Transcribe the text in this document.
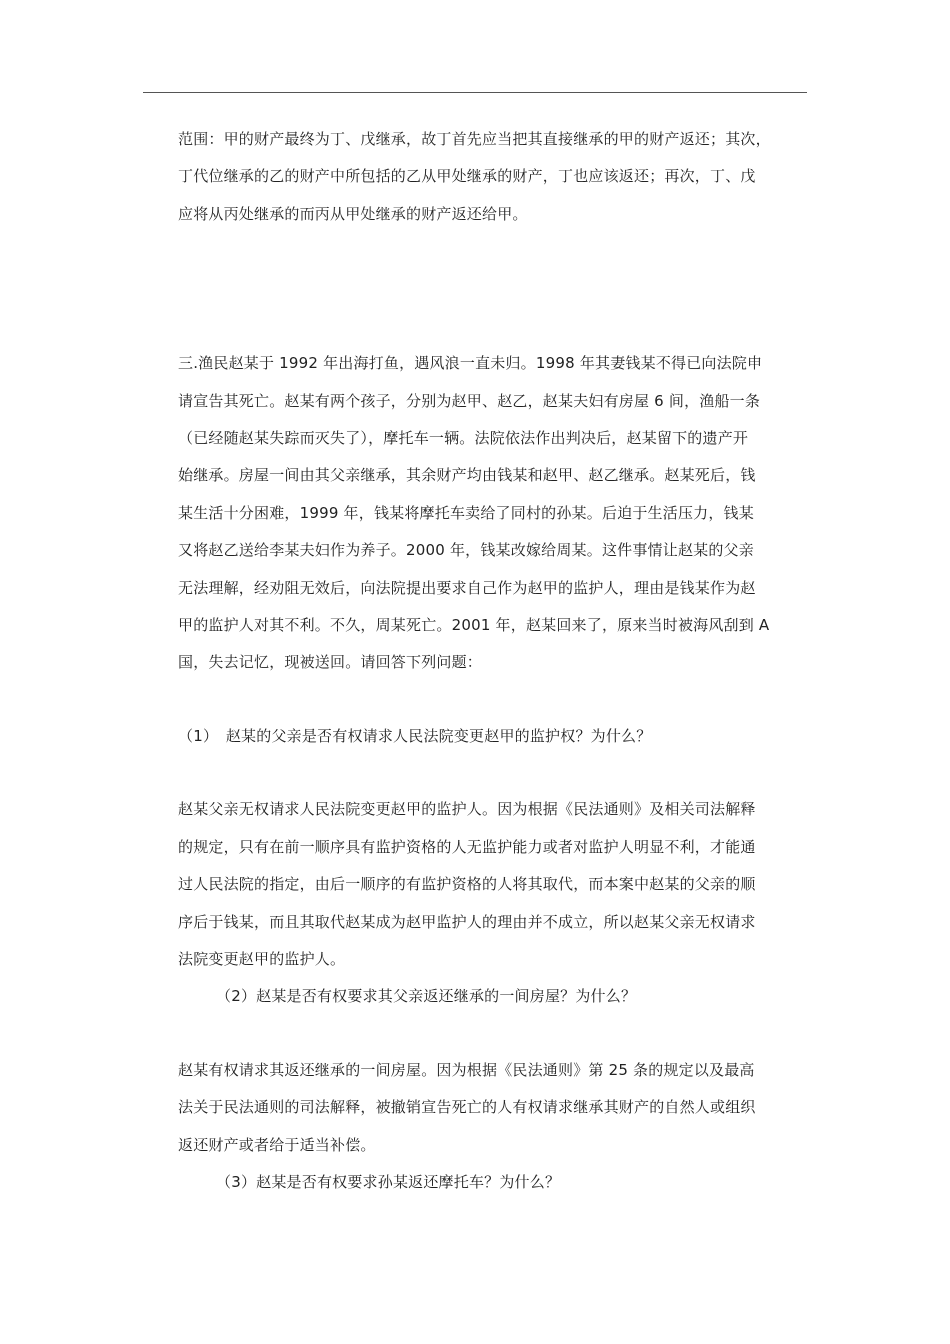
范围：甲的财产最终为丁、戊继承，故丁首先应当把其直接继承的甲的财产返还；其次，

丁代位继承的乙的财产中所包括的乙从甲处继承的财产，丁也应该返还；再次，丁、戊

应将从丙处继承的而丙从甲处继承的财产返还给甲。

三.渔民赵某于 1992 年出海打鱼，遇风浪一直未归。1998 年其妻钱某不得已向法院申

请宣告其死亡。赵某有两个孩子，分别为赵甲、赵乙，赵某夫妇有房屋 6 间，渔船一条

（已经随赵某失踪而灭失了），摩托车一辆。法院依法作出判决后，赵某留下的遗产开

始继承。房屋一间由其父亲继承，其余财产均由钱某和赵甲、赵乙继承。赵某死后，钱

某生活十分困难，1999 年，钱某将摩托车卖给了同村的孙某。后迫于生活压力，钱某

又将赵乙送给李某夫妇作为养子。2000 年，钱某改嫁给周某。这件事情让赵某的父亲

无法理解，经劝阻无效后，向法院提出要求自己作为赵甲的监护人，理由是钱某作为赵

甲的监护人对其不利。不久，周某死亡。2001 年，赵某回来了，原来当时被海风刮到 A

国，失去记忆，现被送回。请回答下列问题：

（1）　赵某的父亲是否有权请求人民法院变更赵甲的监护权？为什么？

赵某父亲无权请求人民法院变更赵甲的监护人。因为根据《民法通则》及相关司法解释

的规定，只有在前一顺序具有监护资格的人无监护能力或者对监护人明显不利，才能通

过人民法院的指定，由后一顺序的有监护资格的人将其取代，而本案中赵某的父亲的顺

序后于钱某，而且其取代赵某成为赵甲监护人的理由并不成立，所以赵某父亲无权请求

法院变更赵甲的监护人。

（2）赵某是否有权要求其父亲返还继承的一间房屋？为什么？

赵某有权请求其返还继承的一间房屋。因为根据《民法通则》第 25 条的规定以及最高

法关于民法通则的司法解释，被撤销宣告死亡的人有权请求继承其财产的自然人或组织

返还财产或者给于适当补偿。

（3）赵某是否有权要求孙某返还摩托车？为什么？
